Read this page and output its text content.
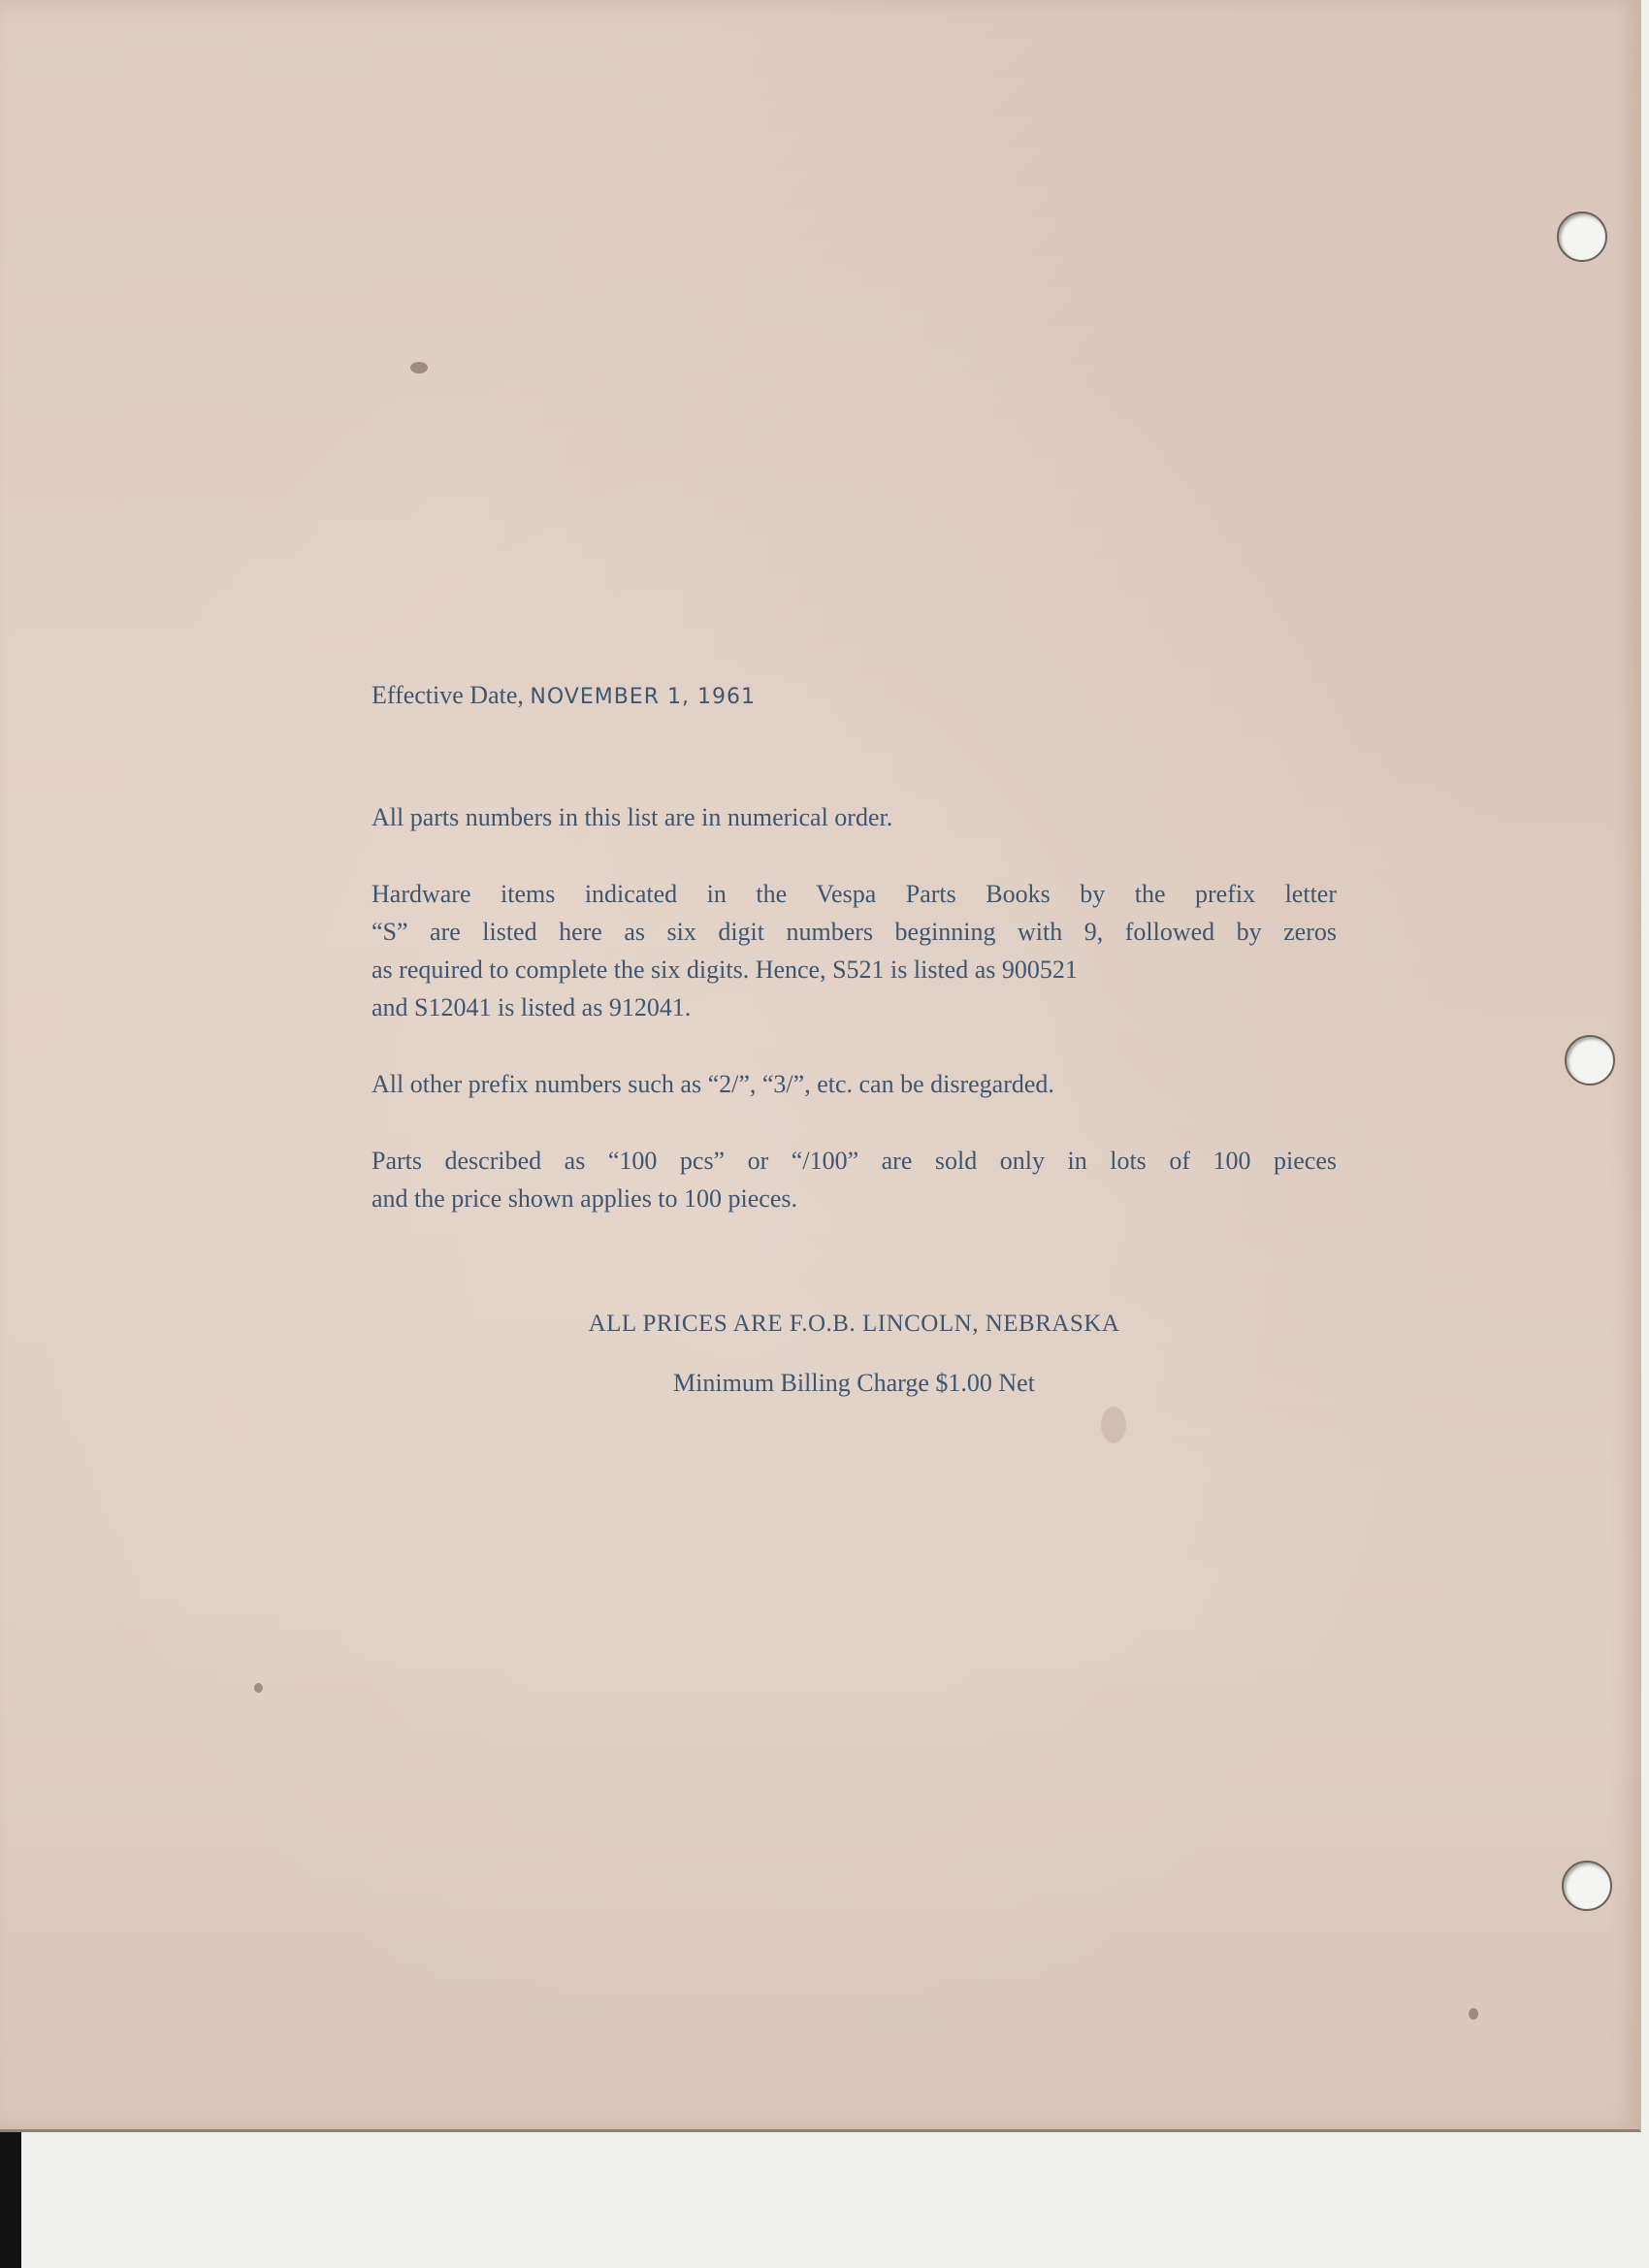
Effective Date, NOVEMBER 1, 1961
All parts numbers in this list are in numerical order.
Hardware items indicated in the Vespa Parts Books by the prefix letter
“S” are listed here as six digit numbers beginning with 9, followed by zeros
as required to complete the six digits. Hence, S521 is listed as 900521
and S12041 is listed as 912041.
All other prefix numbers such as “2/”, “3/”, etc. can be disregarded.
Parts described as “100 pcs” or “/100” are sold only in lots of 100 pieces
and the price shown applies to 100 pieces.
ALL PRICES ARE F.O.B. LINCOLN, NEBRASKA
Minimum Billing Charge $1.00 Net
